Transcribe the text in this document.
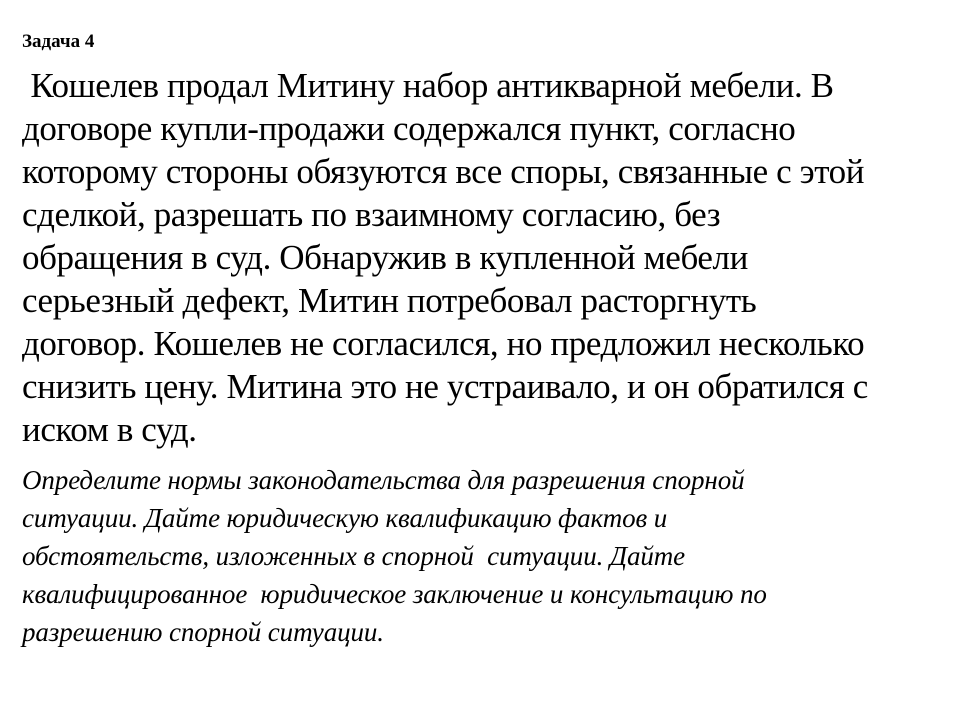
Задача 4
Кошелев продал Митину набор антикварной мебели. В
договоре купли-продажи содержался пункт, согласно
которому стороны обязуются все споры, связанные с этой
сделкой, разрешать по взаимному согласию, без
обращения в суд. Обнаружив в купленной мебели
серьезный дефект, Митин потребовал расторгнуть
договор. Кошелев не согласился, но предложил несколько
снизить цену. Митина это не устраивало, и он обратился с
иском в суд.
Определите нормы законодательства для разрешения спорной
ситуации. Дайте юридическую квалификацию фактов и
обстоятельств, изложенных в спорной  ситуации. Дайте
квалифицированное  юридическое заключение и консультацию по
разрешению спорной ситуации.
